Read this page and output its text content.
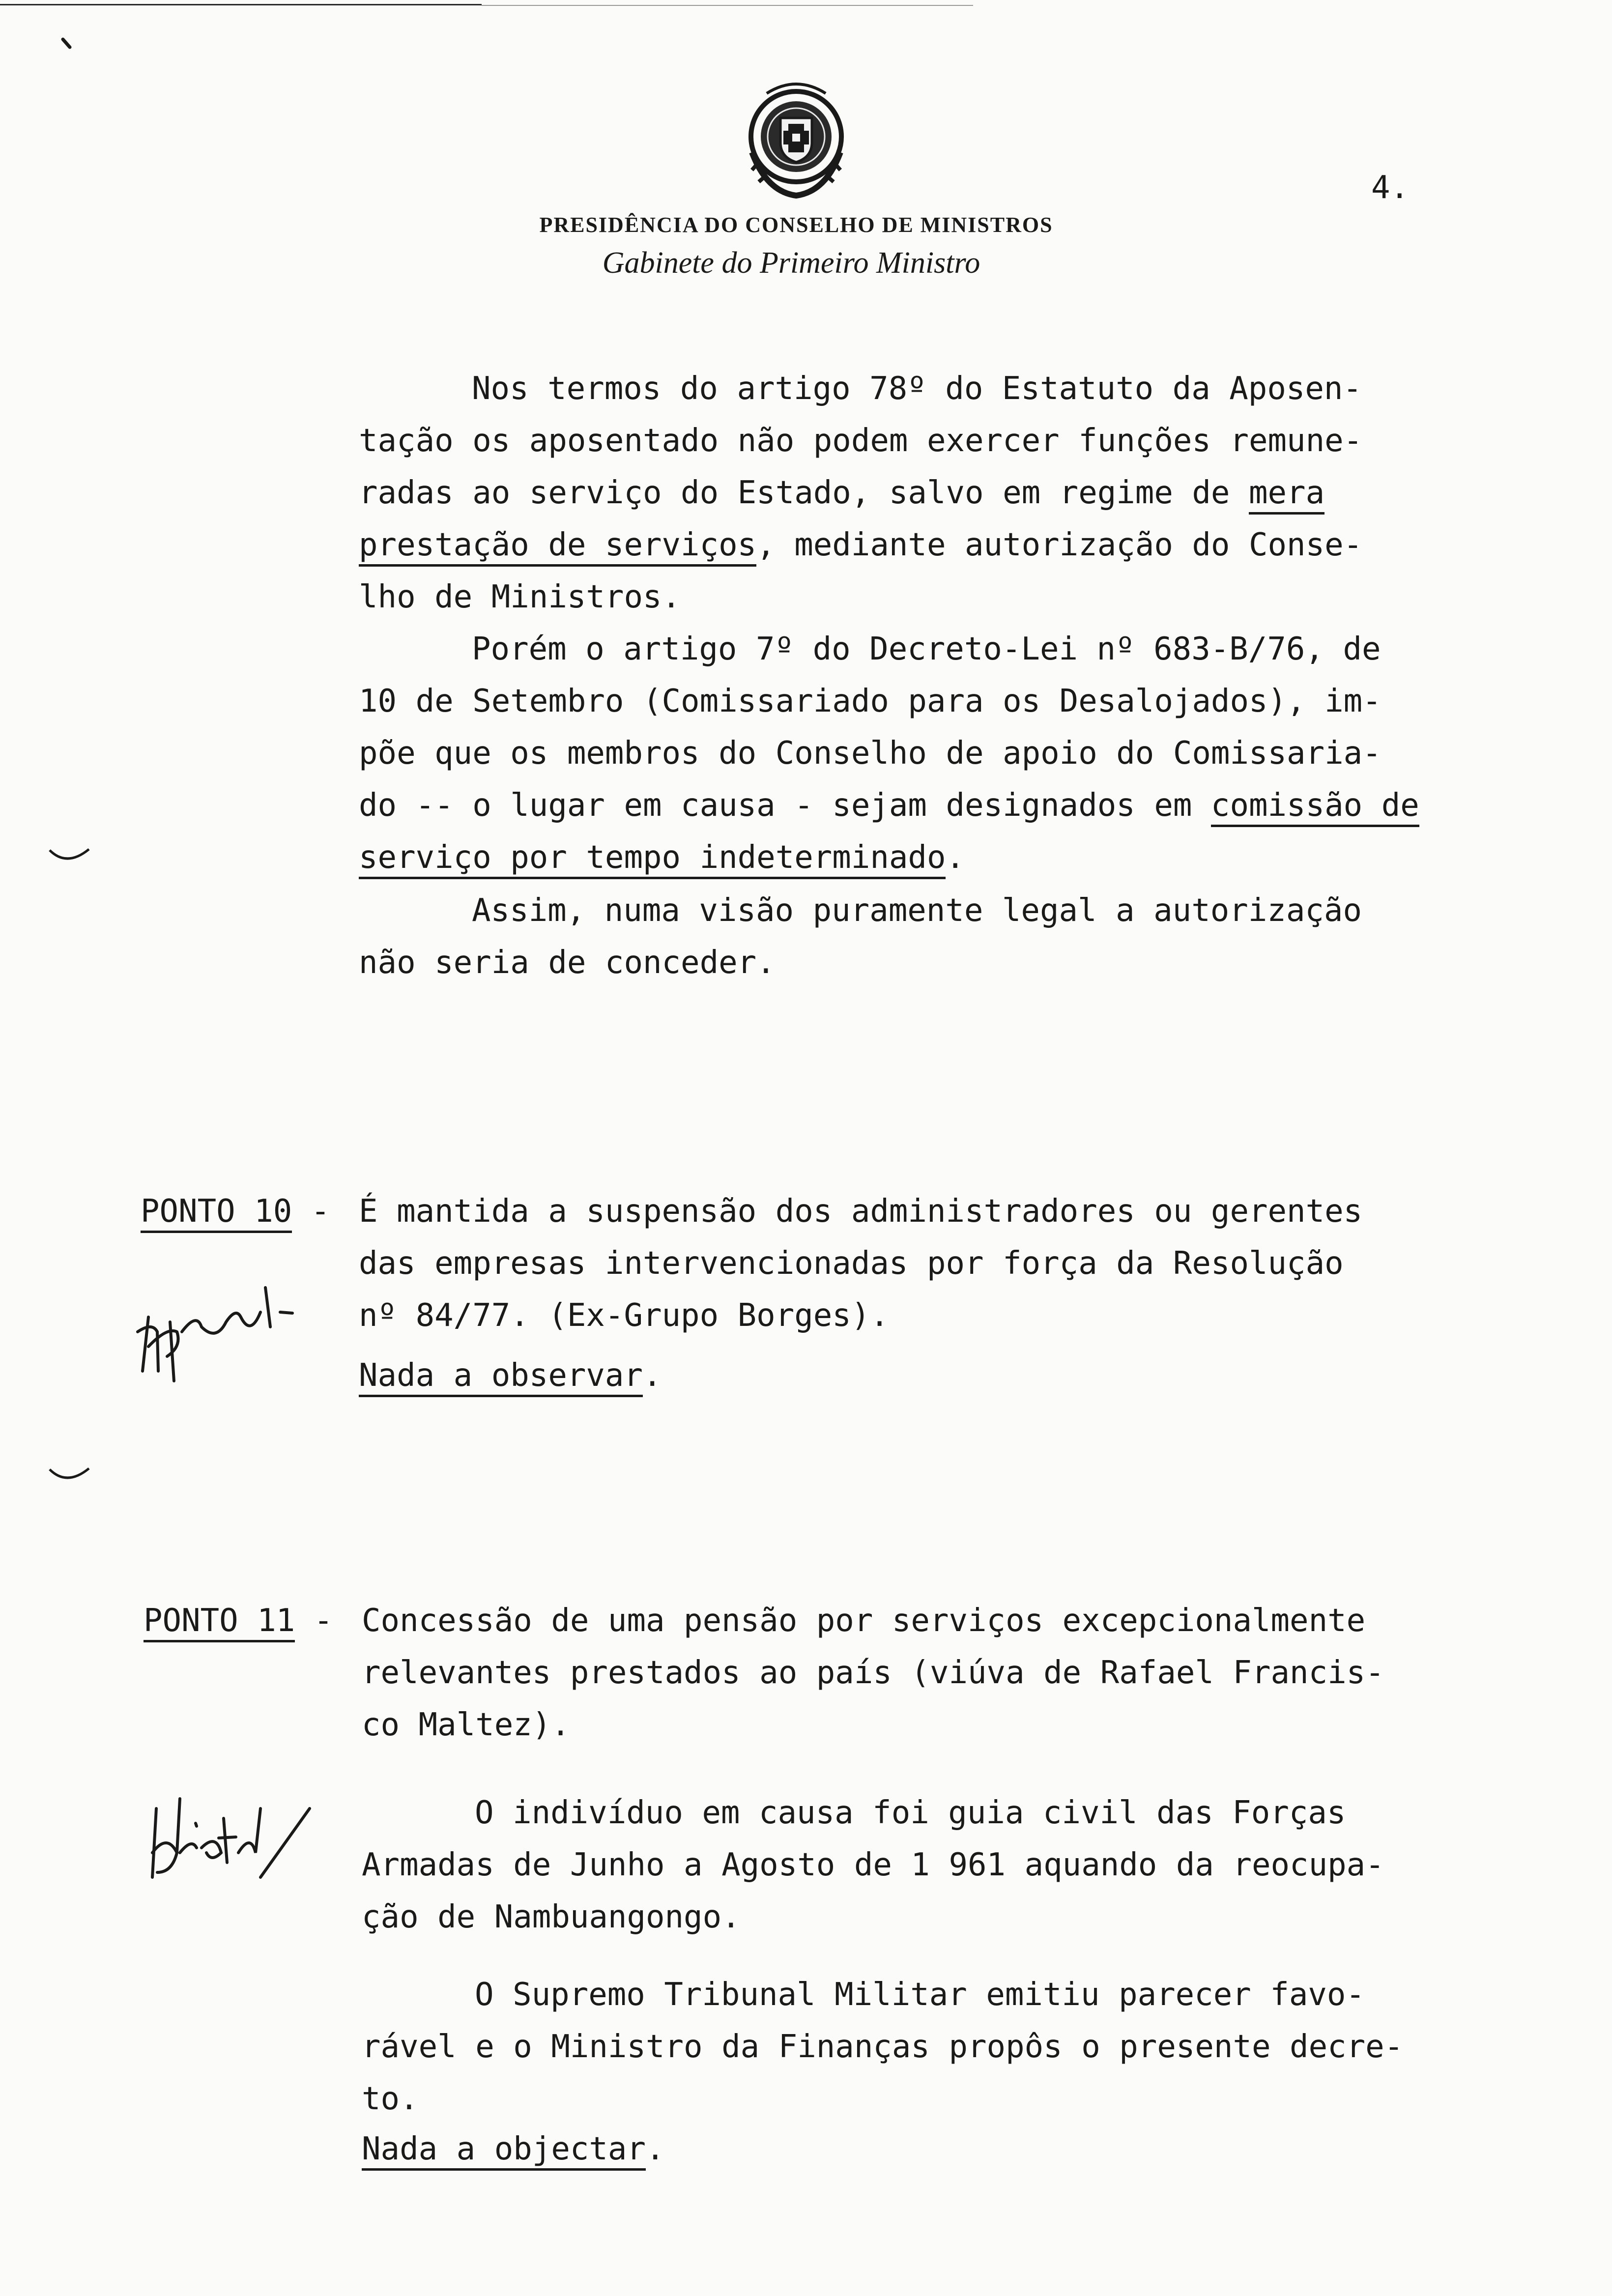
PRESIDÊNCIA DO CONSELHO DE MINISTROS
Gabinete do Primeiro Ministro
4.

Nos termos do artigo 78º do Estatuto da Aposen-

tação os aposentado não podem exercer funções remune-

radas ao serviço do Estado, salvo em regime de mera

prestação de serviços, mediante autorização do Conse-

lho de Ministros.

Porém o artigo 7º do Decreto-Lei nº 683-B/76, de

10 de Setembro (Comissariado para os Desalojados), im-

põe que os membros do Conselho de apoio do Comissaria-

do -- o lugar em causa - sejam designados em comissão de

serviço por tempo indeterminado.

Assim, numa visão puramente legal a autorização

não seria de conceder.

PONTO 10 - É mantida a suspensão dos administradores ou gerentes

das empresas intervencionadas por força da Resolução

nº 84/77. (Ex-Grupo Borges).

Nada a observar.
PONTO 11 - Concessão de uma pensão por serviços excepcionalmente

relevantes prestados ao país (viúva de Rafael Francis-

co Maltez).

O indivíduo em causa foi guia civil das Forças

Armadas de Junho a Agosto de 1 961 aquando da reocupa-

ção de Nambuangongo.

O Supremo Tribunal Militar emitiu parecer favo-

rável e o Ministro da Finanças propôs o presente decre-

to.

Nada a objectar.
